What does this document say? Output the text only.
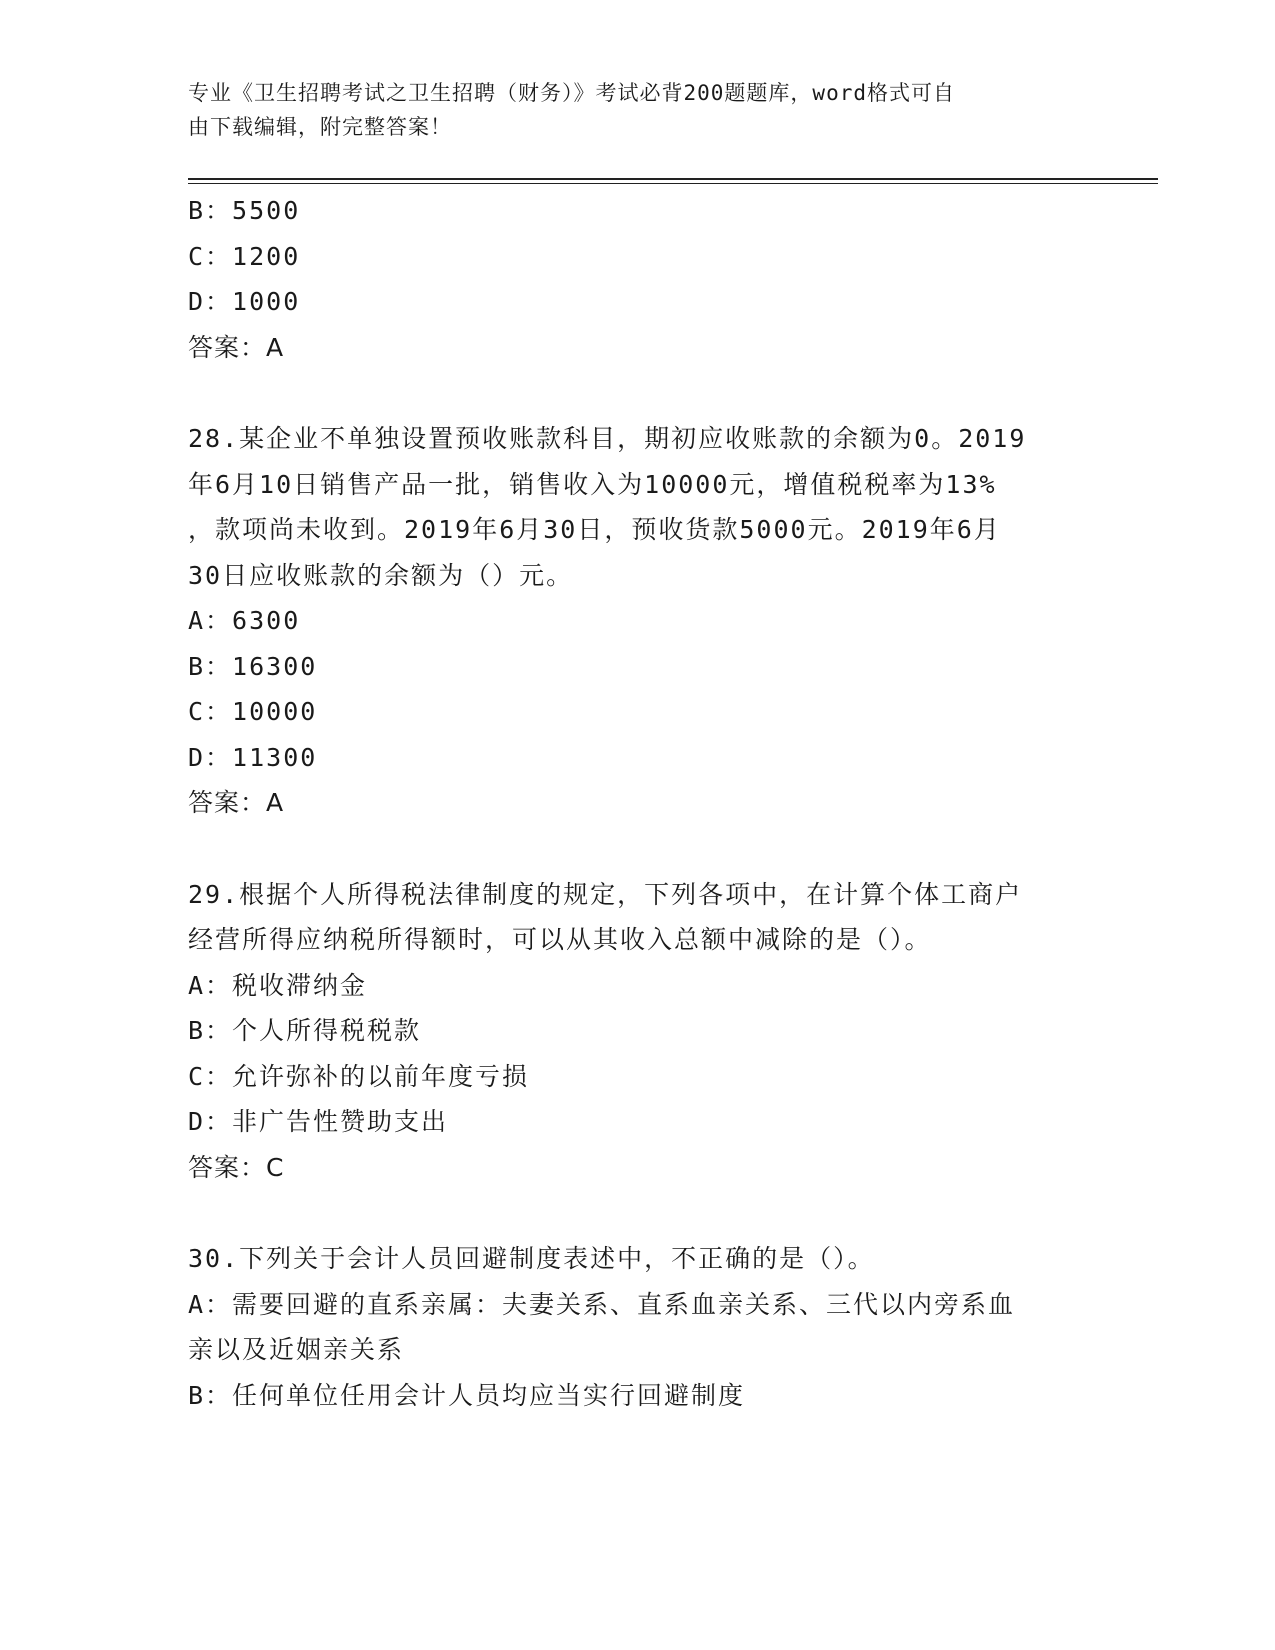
专业《卫生招聘考试之卫生招聘（财务）》考试必背200题题库，word格式可自
由下载编辑，附完整答案！
B：5500
C：1200
D：1000
答案：A
28.某企业不单独设置预收账款科目，期初应收账款的余额为0。2019
年6月10日销售产品一批，销售收入为10000元，增值税税率为13%
，款项尚未收到。2019年6月30日，预收货款5000元。2019年6月
30日应收账款的余额为（）元。
A：6300
B：16300
C：10000
D：11300
答案：A
29.根据个人所得税法律制度的规定，下列各项中，在计算个体工商户
经营所得应纳税所得额时，可以从其收入总额中减除的是（）。
A：税收滞纳金
B：个人所得税税款
C：允许弥补的以前年度亏损
D：非广告性赞助支出
答案：C
30.下列关于会计人员回避制度表述中，不正确的是（）。
A：需要回避的直系亲属：夫妻关系、直系血亲关系、三代以内旁系血
亲以及近姻亲关系
B：任何单位任用会计人员均应当实行回避制度
